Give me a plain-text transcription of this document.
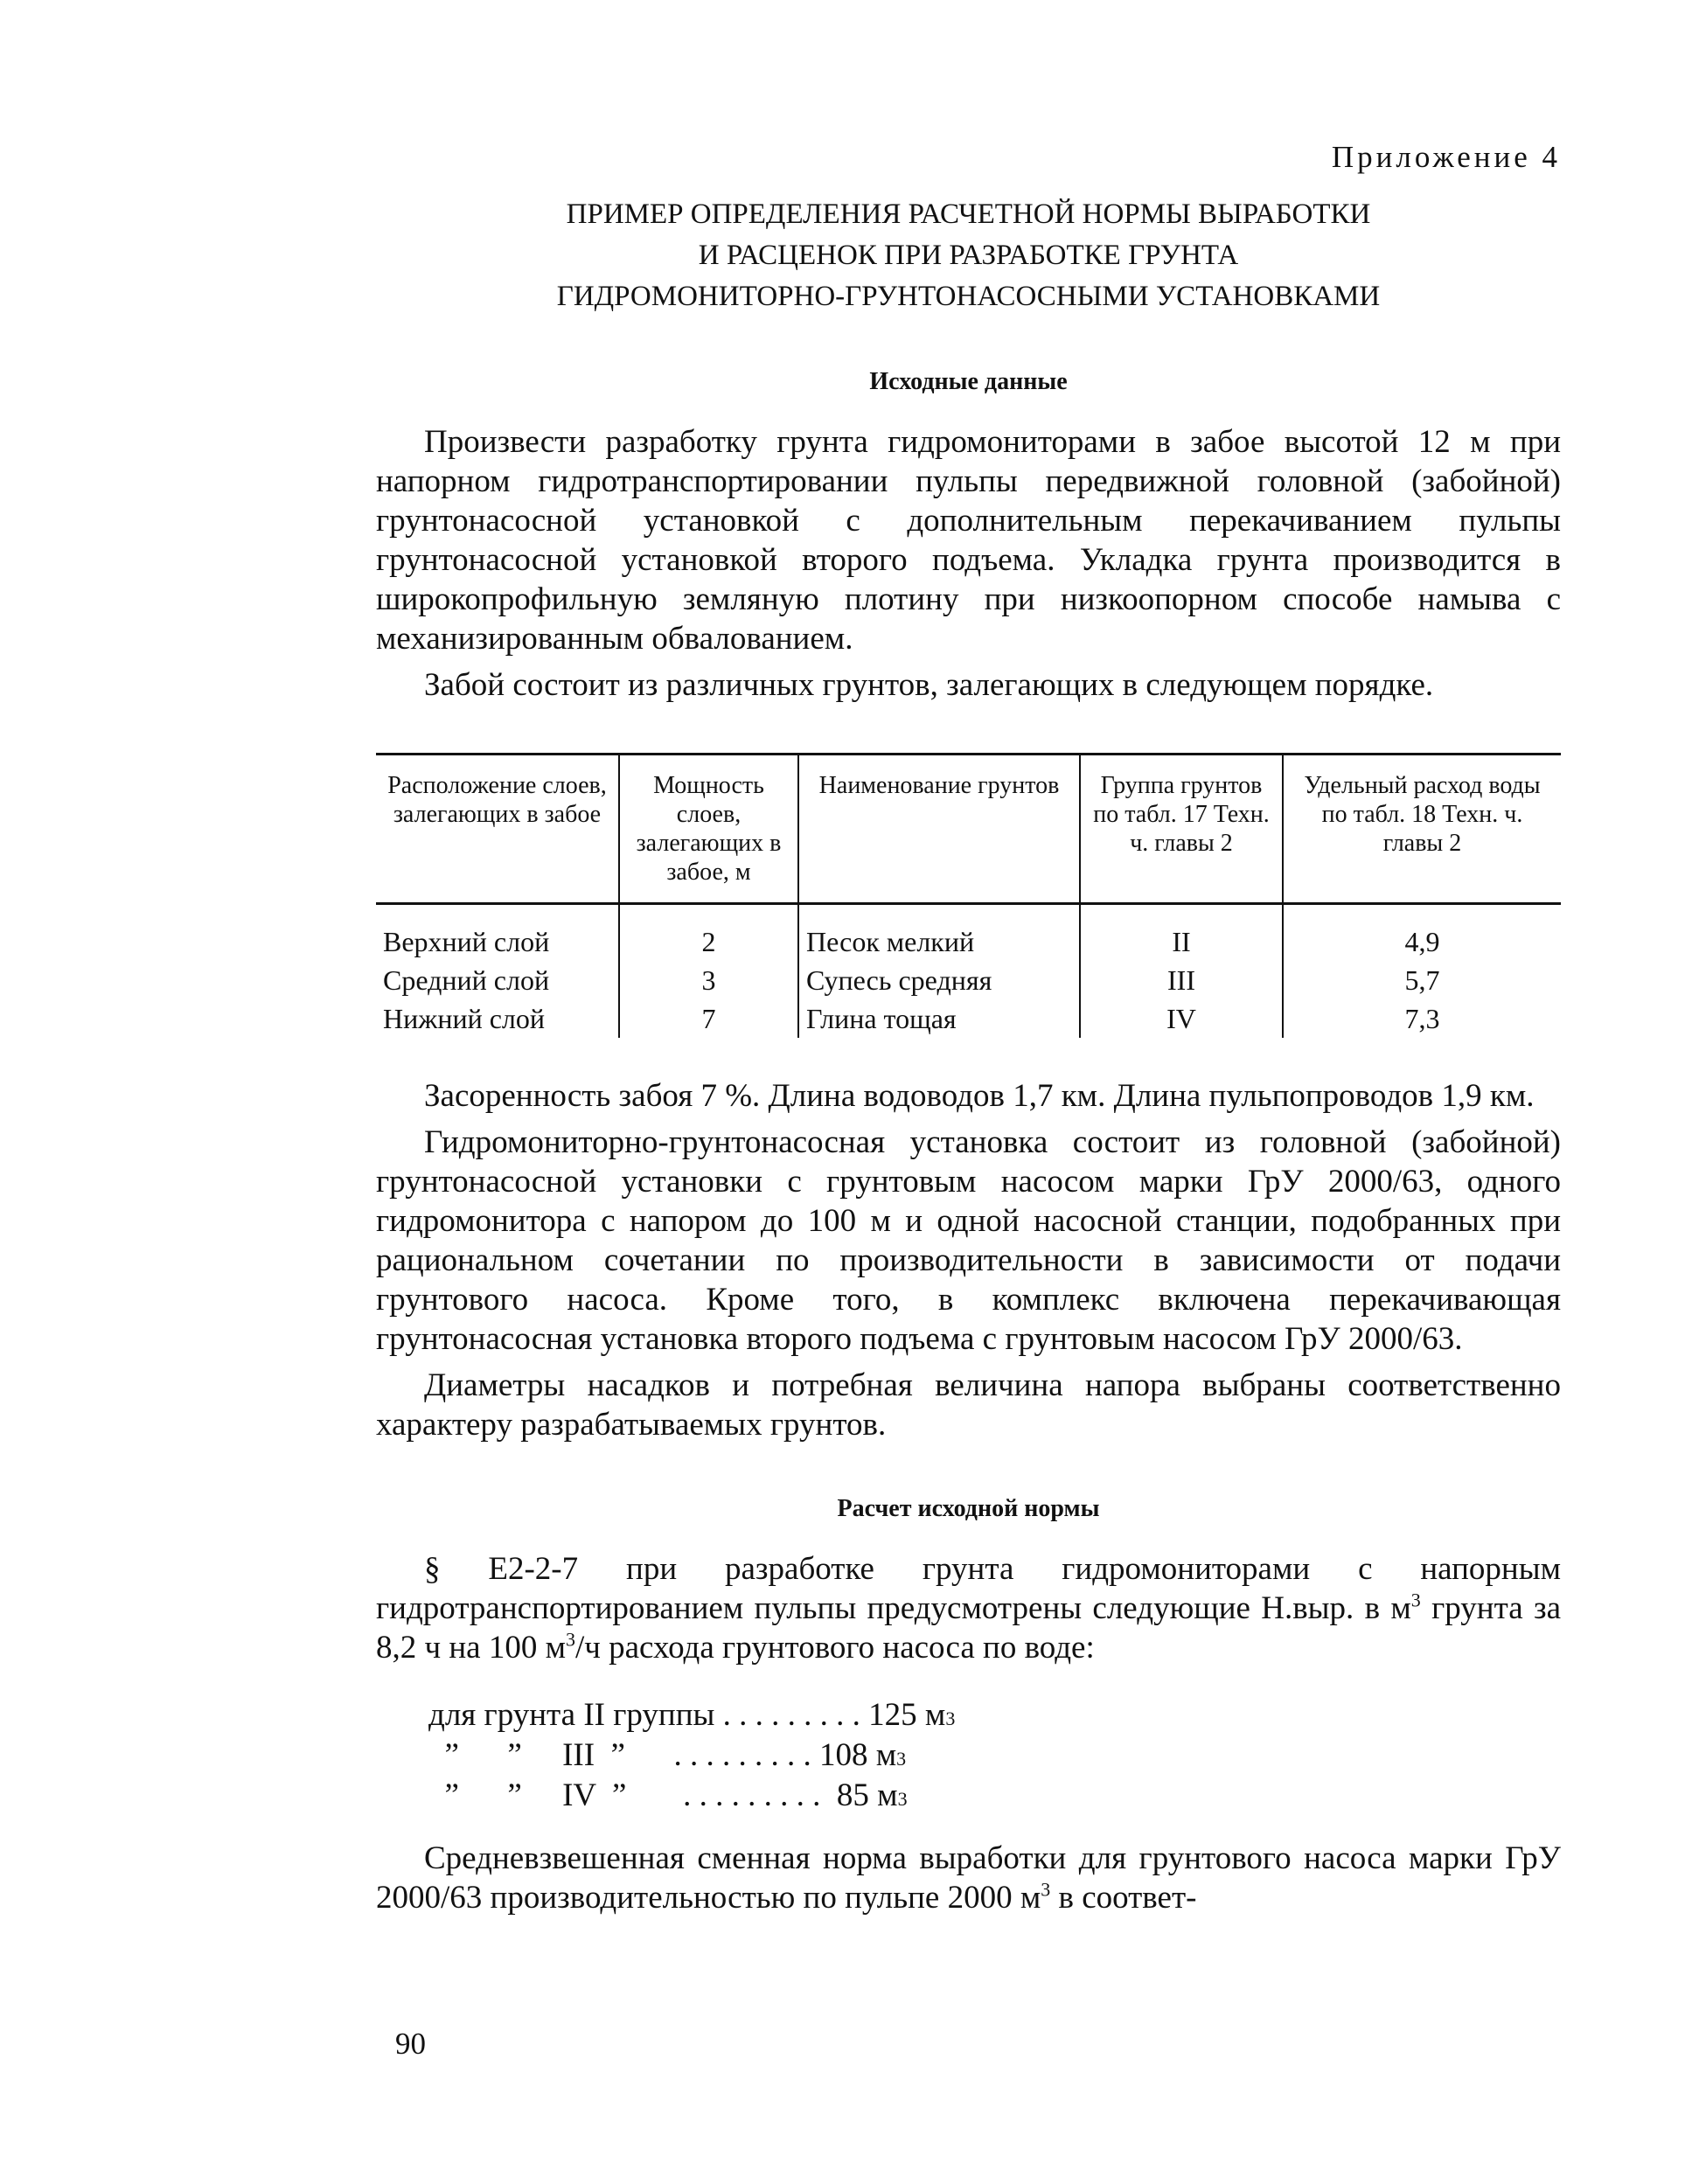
Приложение 4

ПРИМЕР ОПРЕДЕЛЕНИЯ РАСЧЕТНОЙ НОРМЫ ВЫРАБОТКИ

И РАСЦЕНОК ПРИ РАЗРАБОТКЕ ГРУНТА

ГИДРОМОНИТОРНО-ГРУНТОНАСОСНЫМИ УСТАНОВКАМИ

Исходные данные

Произвести разработку грунта гидромониторами в забое высотой 12 м при напорном гидротранспортировании пульпы передвижной головной (забойной) грунтонасосной установкой с дополнительным перекачиванием пульпы грунтонасосной установкой второго подъема. Укладка грунта производится в широкопрофильную земляную плотину при низкоопорном способе намыва с механизированным обвалованием.

Забой состоит из различных грунтов, залегающих в следующем порядке.

Расположение слоев, залегающих в забое	Мощность слоев, залегающих в забое, м	Наименование грунтов	Группа грунтов по табл. 17 Техн. ч. главы 2	Удельный расход воды по табл. 18 Техн. ч. главы 2
Верхний слой	2	Песок мелкий	II	4,9
Средний слой	3	Супесь средняя	III	5,7
Нижний слой	7	Глина тощая	IV	7,3

Засоренность забоя 7 %. Длина водоводов 1,7 км. Длина пульпопроводов 1,9 км.

Гидромониторно-грунтонасосная установка состоит из головной (забойной) грунтонасосной установки с грунтовым насосом марки ГрУ 2000/63, одного гидромонитора с напором до 100 м и одной насосной станции, подобранных при рациональном сочетании по производительности в зависимости от подачи грунтового насоса. Кроме того, в комплекс включена перекачивающая грунтонасосная установка второго подъема с грунтовым насосом ГрУ 2000/63.

Диаметры насадков и потребная величина напора выбраны соответственно характеру разрабатываемых грунтов.

Расчет исходной нормы

§ Е2-2-7 при разработке грунта гидромониторами с напорным гидротранспортированием пульпы предусмотрены следующие Н.выр. в $м^3$ грунта за 8,2 ч на 100 $м^3/ч$ расхода грунтового насоса по воде:

для грунта II группы . . . . . . . . . 125 м 3
”      ”     III  ” . . . . . . . . . 108 м 3
”      ”     IV  ” . . . . . . . . . 85 м 3

Средневзвешенная сменная норма выработки для грунтового насоса марки ГрУ 2000/63 производительностью по пульпе 2000 $м^3$ в соответ-

90
